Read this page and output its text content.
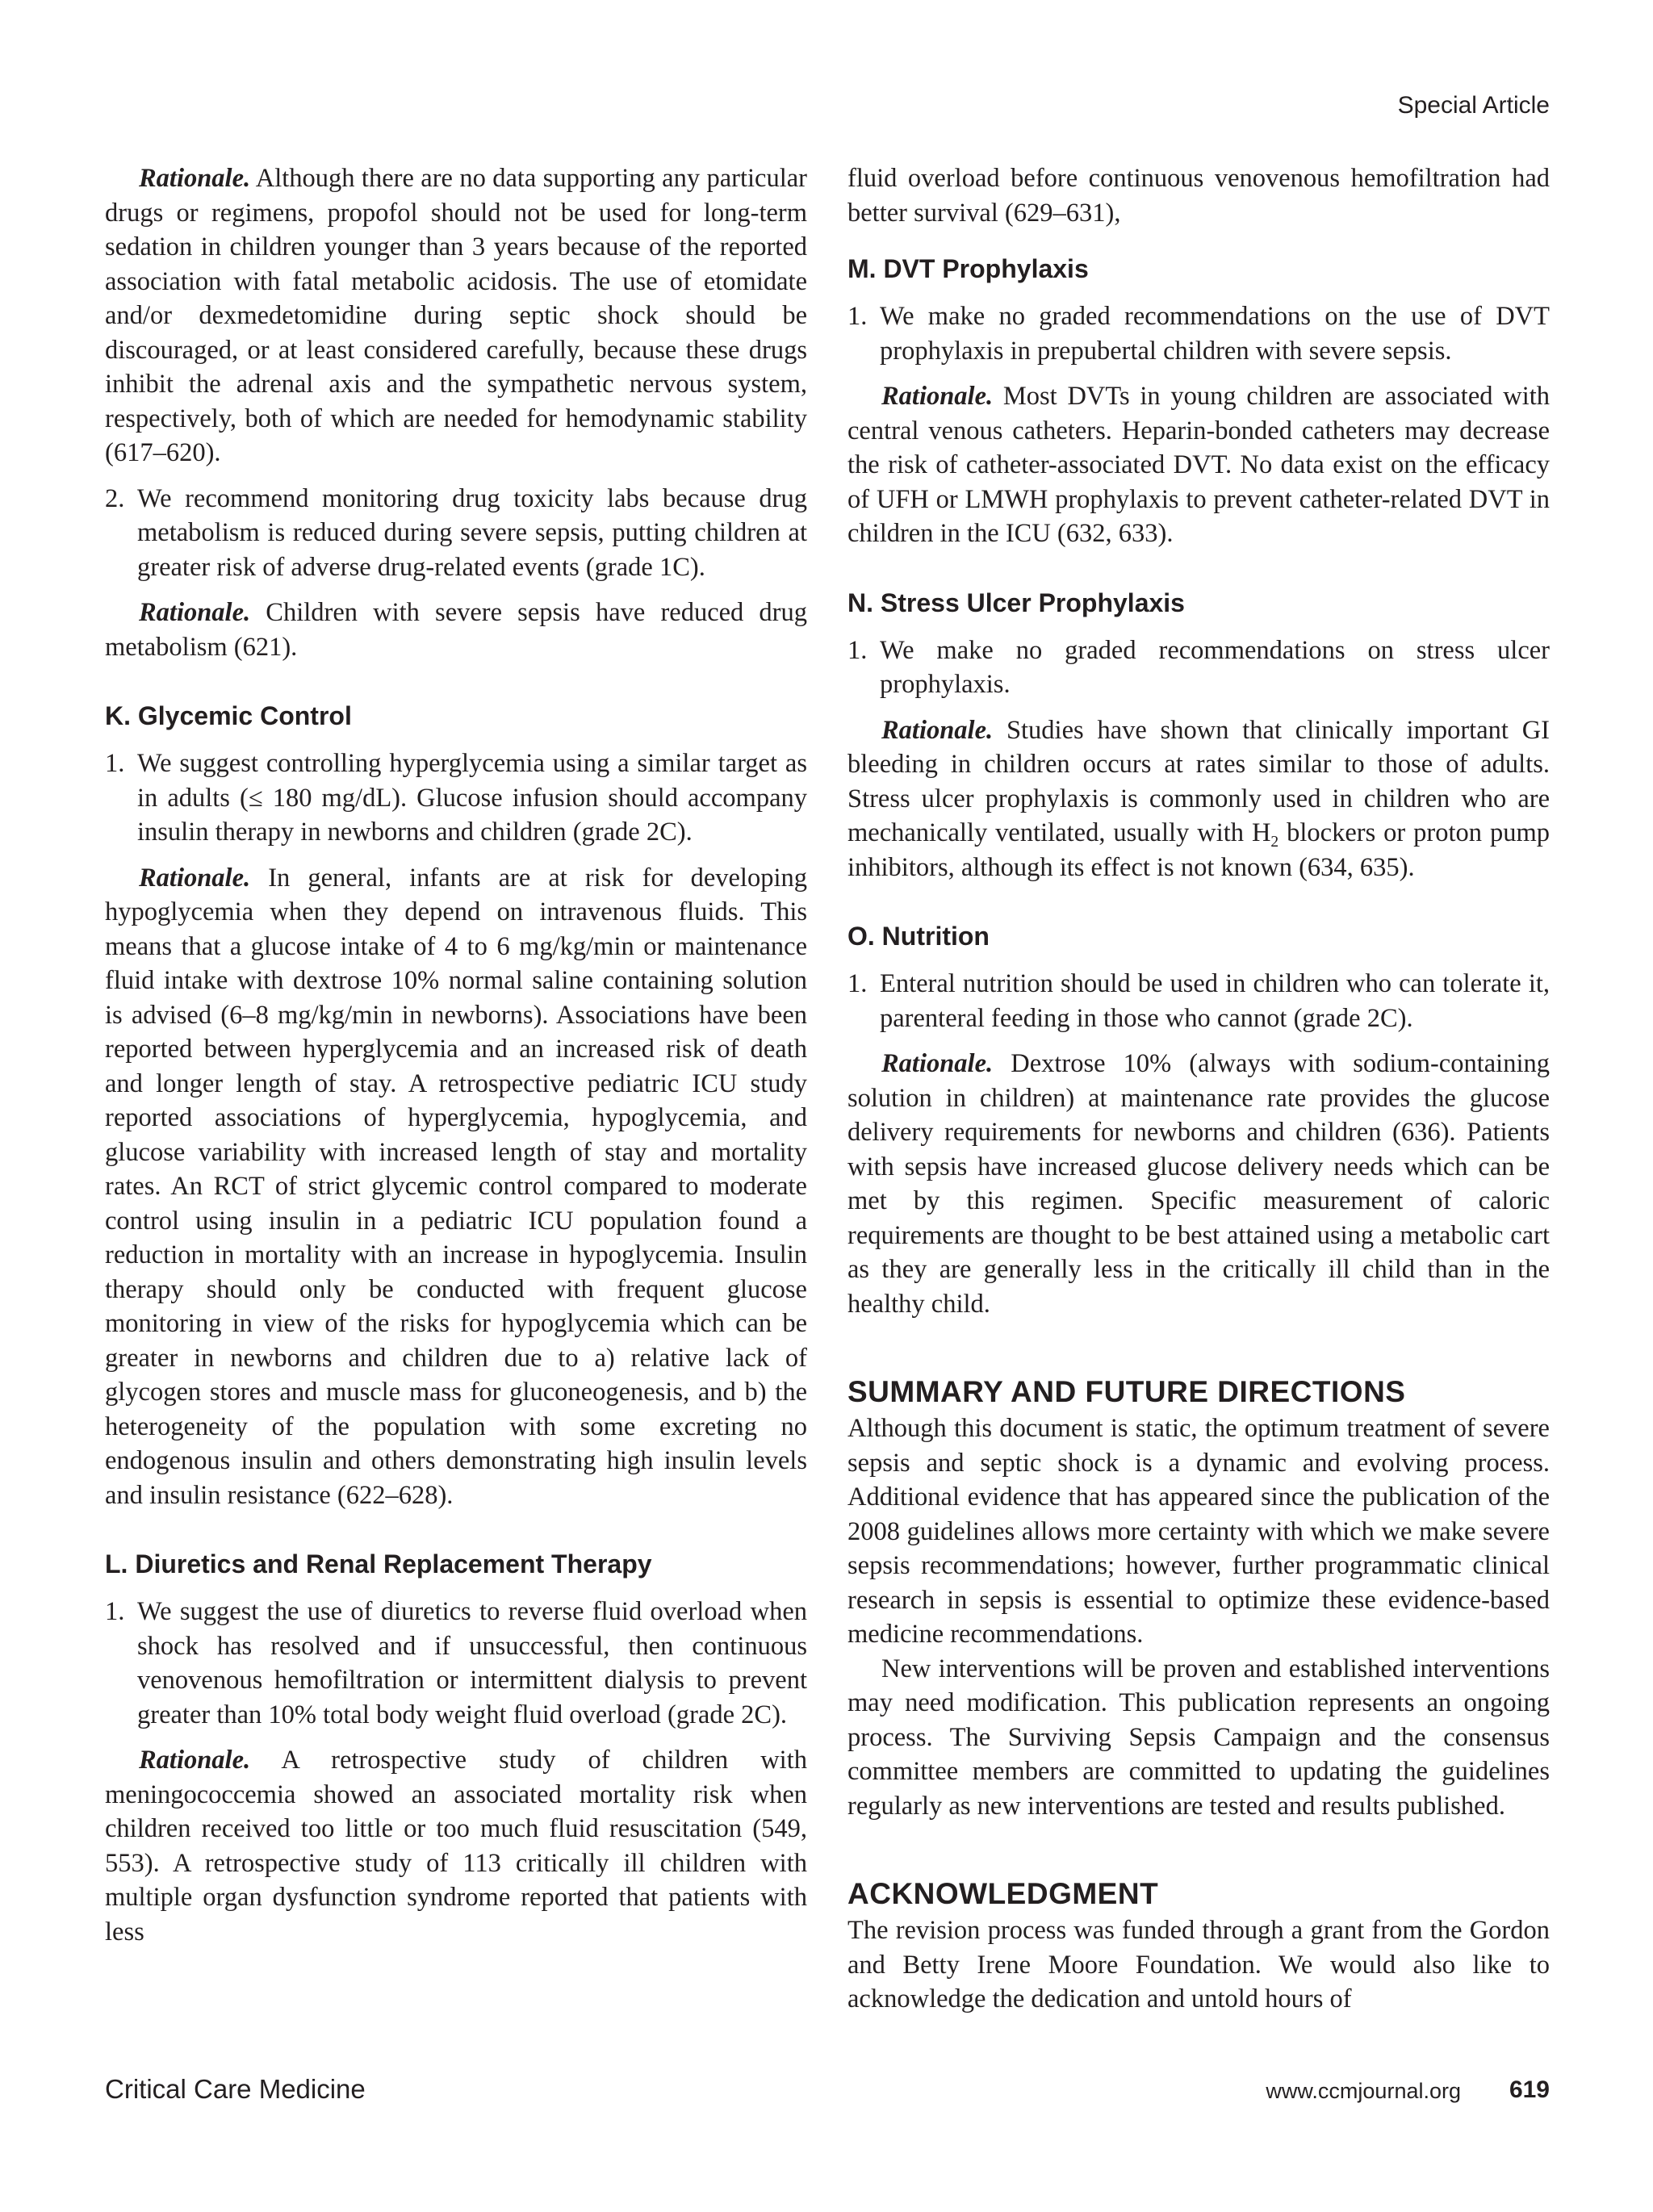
Special Article

Rationale. Although there are no data supporting any particular drugs or regimens, propofol should not be used for long-term sedation in children younger than 3 years because of the reported association with fatal metabolic acidosis. The use of etomidate and/or dexmedetomidine during septic shock should be discouraged, or at least considered carefully, because these drugs inhibit the adrenal axis and the sympathetic nervous system, respectively, both of which are needed for hemodynamic stability (617–620).

2. We recommend monitoring drug toxicity labs because drug metabolism is reduced during severe sepsis, putting children at greater risk of adverse drug-related events (grade 1C).

Rationale. Children with severe sepsis have reduced drug metabolism (621).

K. Glycemic Control
1. We suggest controlling hyperglycemia using a similar target as in adults (≤ 180 mg/dL). Glucose infusion should accompany insulin therapy in newborns and children (grade 2C).

Rationale. In general, infants are at risk for developing hypoglycemia when they depend on intravenous fluids. This means that a glucose intake of 4 to 6 mg/kg/min or maintenance fluid intake with dextrose 10% normal saline containing solution is advised (6–8 mg/kg/min in newborns). Associations have been reported between hyperglycemia and an increased risk of death and longer length of stay. A retrospective pediatric ICU study reported associations of hyperglycemia, hypoglycemia, and glucose variability with increased length of stay and mortality rates. An RCT of strict glycemic control compared to moderate control using insulin in a pediatric ICU population found a reduction in mortality with an increase in hypoglycemia. Insulin therapy should only be conducted with frequent glucose monitoring in view of the risks for hypoglycemia which can be greater in newborns and children due to a) relative lack of glycogen stores and muscle mass for gluconeogenesis, and b) the heterogeneity of the population with some excreting no endogenous insulin and others demonstrating high insulin levels and insulin resistance (622–628).

L. Diuretics and Renal Replacement Therapy
1. We suggest the use of diuretics to reverse fluid overload when shock has resolved and if unsuccessful, then continuous venovenous hemofiltration or intermittent dialysis to prevent greater than 10% total body weight fluid overload (grade 2C).

Rationale. A retrospective study of children with meningococcemia showed an associated mortality risk when children received too little or too much fluid resuscitation (549, 553). A retrospective study of 113 critically ill children with multiple organ dysfunction syndrome reported that patients with less

fluid overload before continuous venovenous hemofiltration had better survival (629–631),

M. DVT Prophylaxis
1. We make no graded recommendations on the use of DVT prophylaxis in prepubertal children with severe sepsis.

Rationale. Most DVTs in young children are associated with central venous catheters. Heparin-bonded catheters may decrease the risk of catheter-associated DVT. No data exist on the efficacy of UFH or LMWH prophylaxis to prevent catheter-related DVT in children in the ICU (632, 633).

N. Stress Ulcer Prophylaxis
1. We make no graded recommendations on stress ulcer prophylaxis.

Rationale. Studies have shown that clinically important GI bleeding in children occurs at rates similar to those of adults. Stress ulcer prophylaxis is commonly used in children who are mechanically ventilated, usually with $H_2$ blockers or proton pump inhibitors, although its effect is not known (634, 635).

O. Nutrition
1. Enteral nutrition should be used in children who can tolerate it, parenteral feeding in those who cannot (grade 2C).

Rationale. Dextrose 10% (always with sodium-containing solution in children) at maintenance rate provides the glucose delivery requirements for newborns and children (636). Patients with sepsis have increased glucose delivery needs which can be met by this regimen. Specific measurement of caloric requirements are thought to be best attained using a metabolic cart as they are generally less in the critically ill child than in the healthy child.

SUMMARY AND FUTURE DIRECTIONS

Although this document is static, the optimum treatment of severe sepsis and septic shock is a dynamic and evolving process. Additional evidence that has appeared since the publication of the 2008 guidelines allows more certainty with which we make severe sepsis recommendations; however, further programmatic clinical research in sepsis is essential to optimize these evidence-based medicine recommendations.

New interventions will be proven and established interventions may need modification. This publication represents an ongoing process. The Surviving Sepsis Campaign and the consensus committee members are committed to updating the guidelines regularly as new interventions are tested and results published.

ACKNOWLEDGMENT

The revision process was funded through a grant from the Gordon and Betty Irene Moore Foundation. We would also like to acknowledge the dedication and untold hours of

Critical Care Medicine	www.ccmjournal.org 619
